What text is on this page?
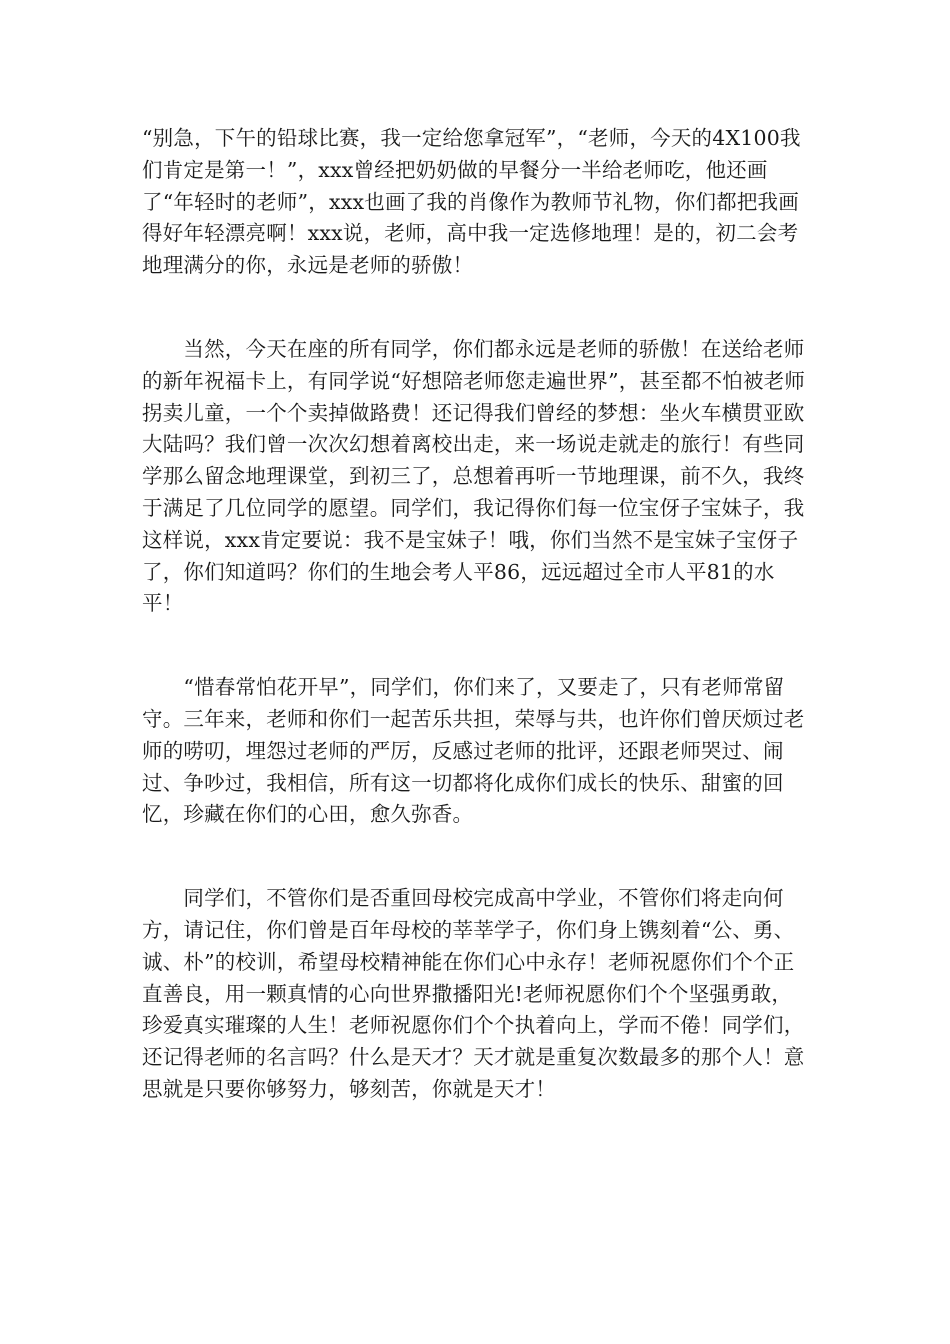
“别急，下午的铅球比赛，我一定给您拿冠军”，“老师，今天的4X100我们肯定是第一！”，xxx曾经把奶奶做的早餐分一半给老师吃，他还画了“年轻时的老师”，xxx也画了我的肖像作为教师节礼物，你们都把我画得好年轻漂亮啊！xxx说，老师，高中我一定选修地理！是的，初二会考地理满分的你，永远是老师的骄傲！

　　当然，今天在座的所有同学，你们都永远是老师的骄傲！在送给老师的新年祝福卡上，有同学说“好想陪老师您走遍世界”，甚至都不怕被老师拐卖儿童，一个个卖掉做路费！还记得我们曾经的梦想：坐火车横贯亚欧大陆吗？我们曾一次次幻想着离校出走，来一场说走就走的旅行！有些同学那么留念地理课堂，到初三了，总想着再听一节地理课，前不久，我终于满足了几位同学的愿望。同学们，我记得你们每一位宝伢子宝妹子，我这样说，xxx肯定要说：我不是宝妹子！哦，你们当然不是宝妹子宝伢子了，你们知道吗？你们的生地会考人平86，远远超过全市人平81的水平！

　　“惜春常怕花开早”，同学们，你们来了，又要走了，只有老师常留守。三年来，老师和你们一起苦乐共担，荣辱与共，也许你们曾厌烦过老师的唠叨，埋怨过老师的严厉，反感过老师的批评，还跟老师哭过、闹过、争吵过，我相信，所有这一切都将化成你们成长的快乐、甜蜜的回忆，珍藏在你们的心田，愈久弥香。

　　同学们，不管你们是否重回母校完成高中学业，不管你们将走向何方，请记住，你们曾是百年母校的莘莘学子，你们身上镌刻着“公、勇、诚、朴”的校训，希望母校精神能在你们心中永存！老师祝愿你们个个正直善良，用一颗真情的心向世界撒播阳光!老师祝愿你们个个坚强勇敢，珍爱真实璀璨的人生！老师祝愿你们个个执着向上，学而不倦！同学们，还记得老师的名言吗？什么是天才？天才就是重复次数最多的那个人！意思就是只要你够努力，够刻苦，你就是天才！
